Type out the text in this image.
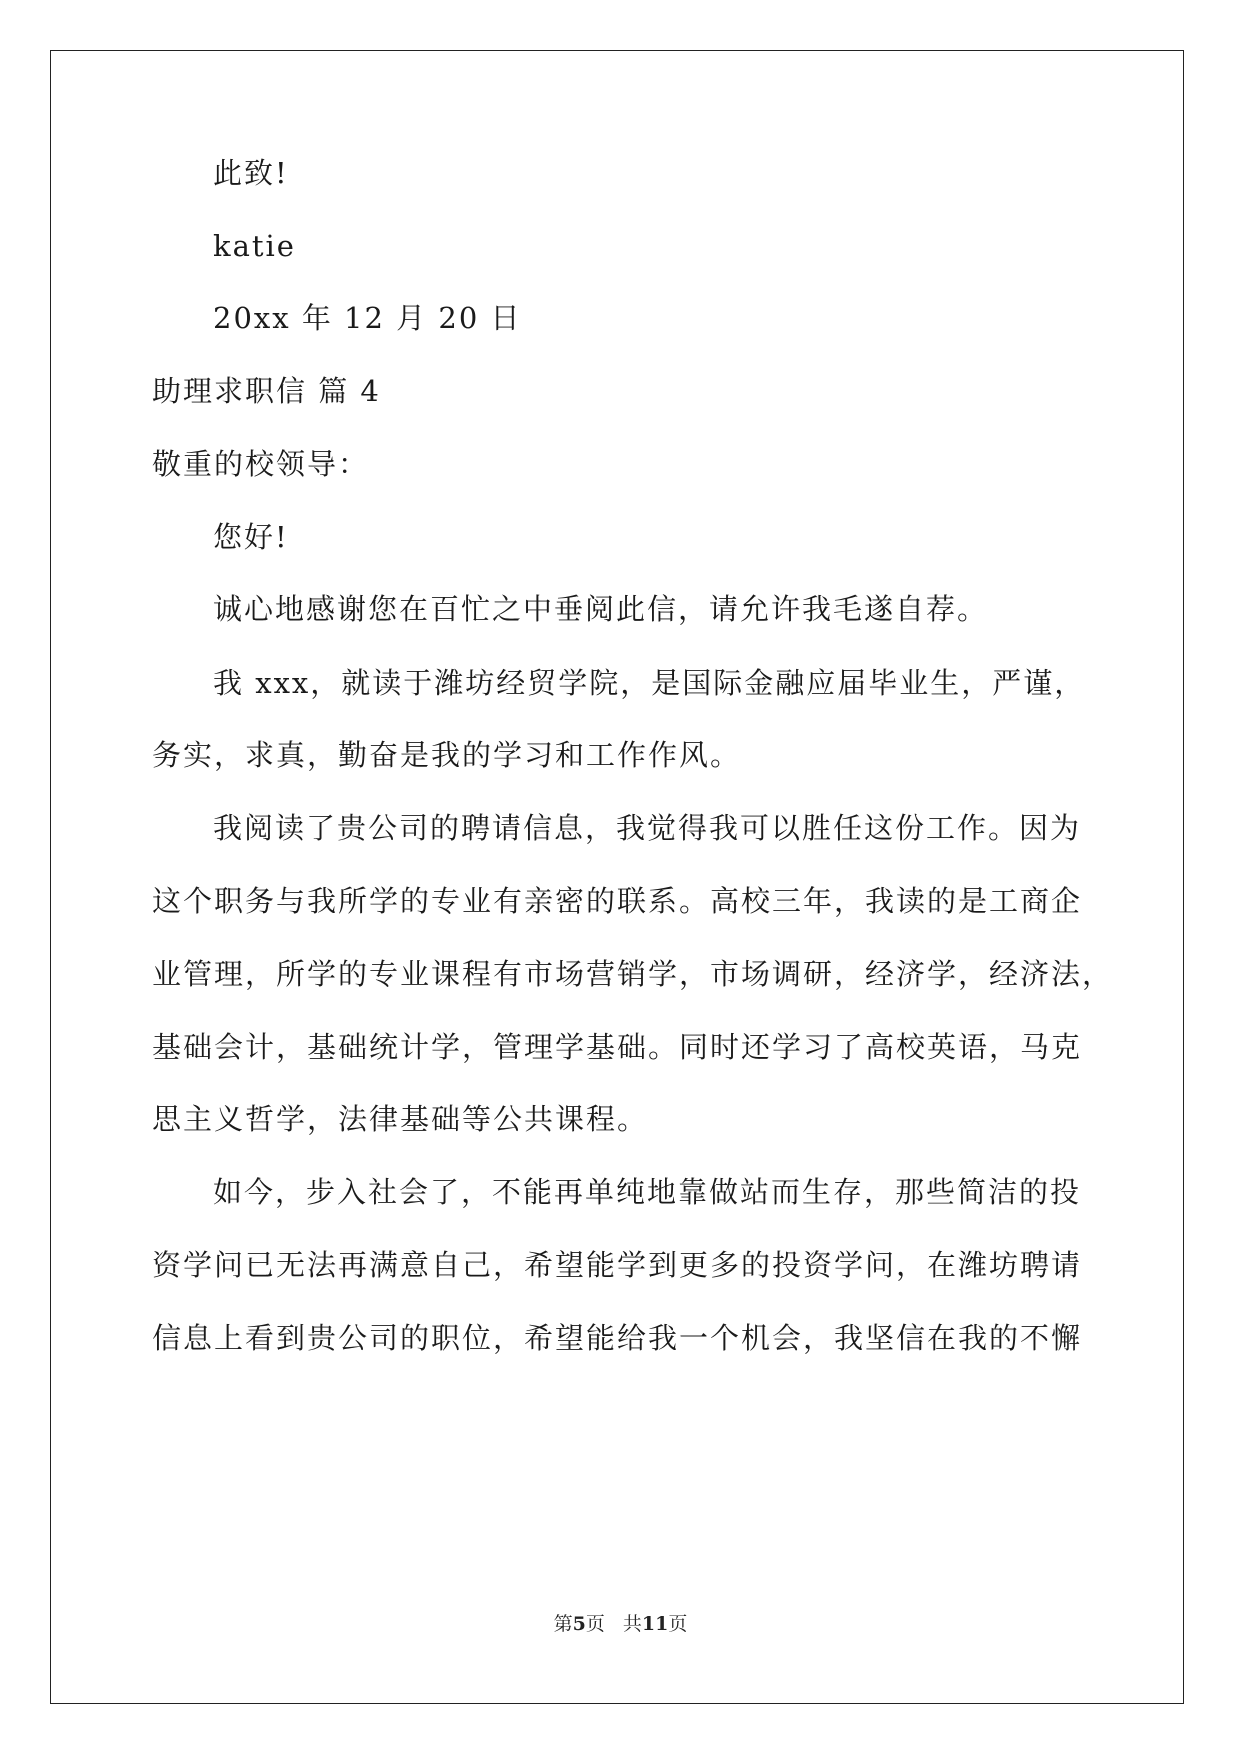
此致!
katie
20xx 年 12 月 20 日
助理求职信 篇 4
敬重的校领导：
您好!
诚心地感谢您在百忙之中垂阅此信，请允许我毛遂自荐。
我 xxx，就读于潍坊经贸学院，是国际金融应届毕业生，严谨，
务实，求真，勤奋是我的学习和工作作风。
我阅读了贵公司的聘请信息，我觉得我可以胜任这份工作。因为
这个职务与我所学的专业有亲密的联系。高校三年，我读的是工商企
业管理，所学的专业课程有市场营销学，市场调研，经济学，经济法，
基础会计，基础统计学，管理学基础。同时还学习了高校英语，马克
思主义哲学，法律基础等公共课程。
如今，步入社会了，不能再单纯地靠做站而生存，那些简洁的投
资学问已无法再满意自己，希望能学到更多的投资学问，在潍坊聘请
信息上看到贵公司的职位，希望能给我一个机会，我坚信在我的不懈
第5页 共11页
